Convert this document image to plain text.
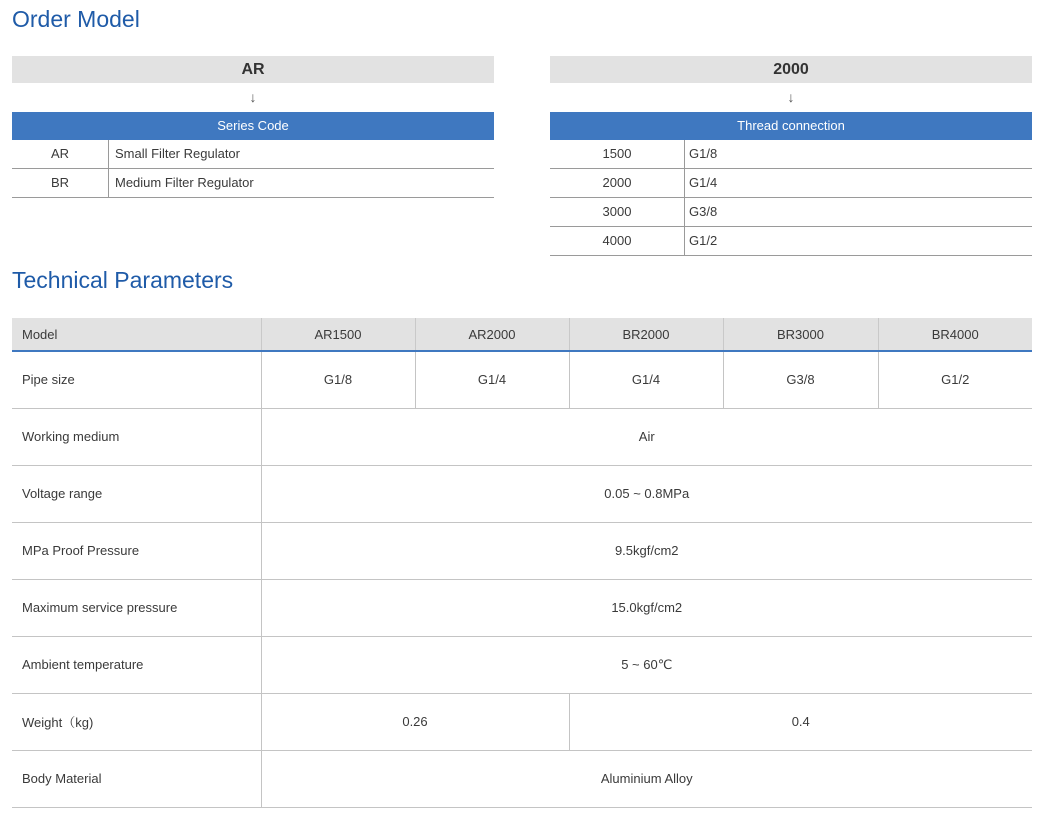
Order Model
AR
↓
Series Code
AR	Small Filter Regulator
BR	Medium Filter Regulator
2000
↓
Thread connection
1500	G1/8
2000	G1/4
3000	G3/8
4000	G1/2
Technical Parameters
Model	AR1500	AR2000	BR2000	BR3000	BR4000
Pipe size	G1/8	G1/4	G1/4	G3/8	G1/2
Working medium	Air				
Voltage range	0.05 ~ 0.8MPa				
MPa Proof Pressure	9.5kgf/cm2				
Maximum service pressure	15.0kgf/cm2				
Ambient temperature	5 ~ 60℃				
Weight（kg)	0.26		0.4		
Body Material	Aluminium Alloy				
